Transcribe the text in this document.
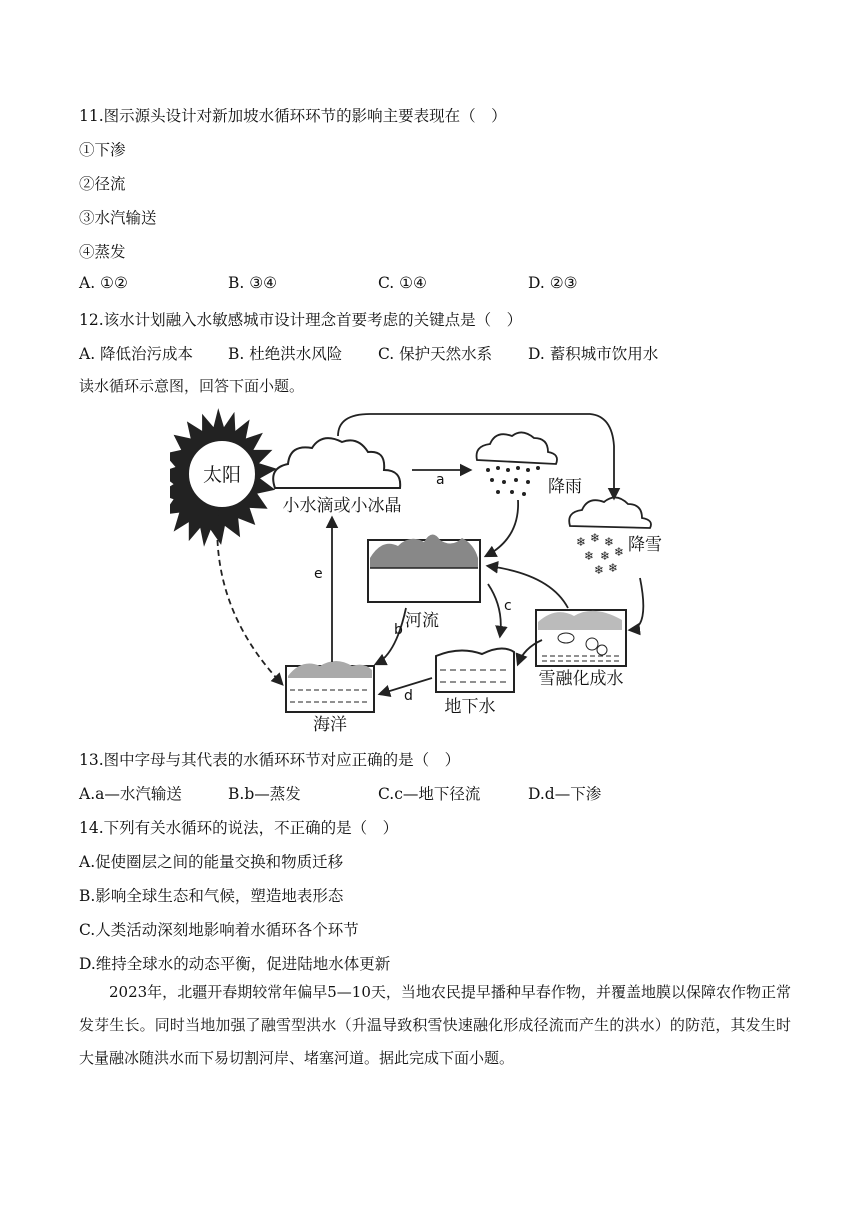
11.图示源头设计对新加坡水循环环节的影响主要表现在（　）
①下渗
②径流
③水汽输送
④蒸发
A. ①②	B. ③④	C. ①④	D. ②③
12.该水计划融入水敏感城市设计理念首要考虑的关键点是（　）
A. 降低治污成本 B. 杜绝洪水风险 C. 保护天然水系 D. 蓄积城市饮用水
读水循环示意图，回答下面小题。
太阳
小水滴或小冰晶
降雨
❄ ❄ ❄
❄ ❄ ❄
❄ ❄
降雪
河流
雪融化成水
地下水
海洋
a
c
b
d
e
13.图中字母与其代表的水循环环节对应正确的是（　）
A.a—水汽输送	B.b—蒸发	C.c—地下径流	D.d—下渗
14.下列有关水循环的说法，不正确的是（　）
A.促使圈层之间的能量交换和物质迁移
B.影响全球生态和气候，塑造地表形态
C.人类活动深刻地影响着水循环各个环节
D.维持全球水的动态平衡，促进陆地水体更新

2023年，北疆开春期较常年偏早5—10天，当地农民提早播种早春作物，并覆盖地膜以保障农作物正常发芽生长。同时当地加强了融雪型洪水（升温导致积雪快速融化形成径流而产生的洪水）的防范，其发生时大量融冰随洪水而下易切割河岸、堵塞河道。据此完成下面小题。
